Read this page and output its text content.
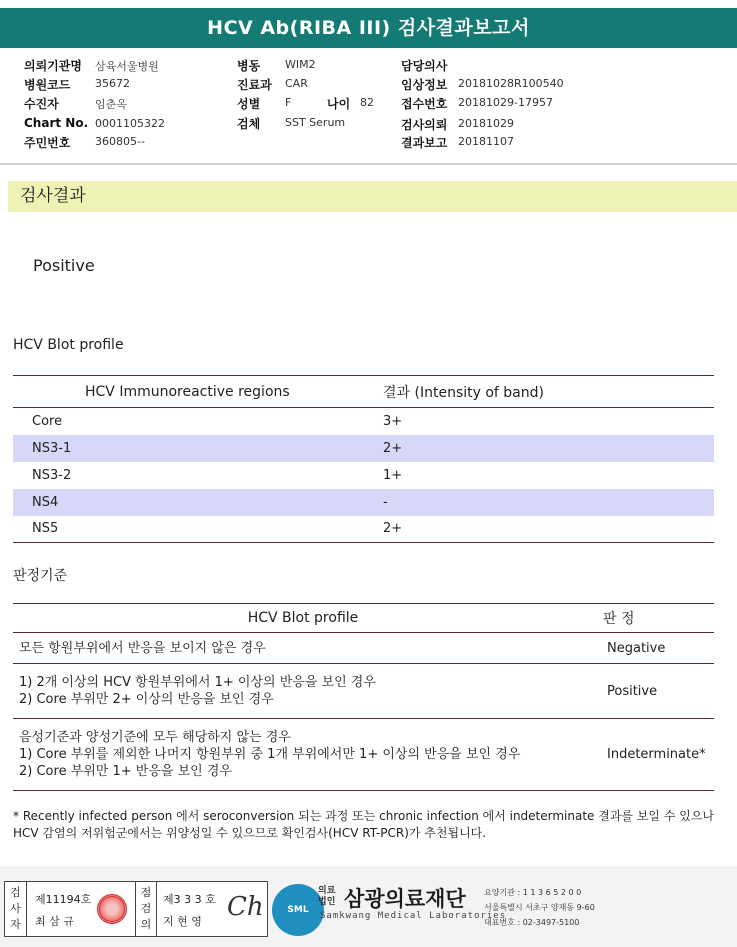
HCV Ab(RIBA III) 검사결과보고서
의뢰기관명 삼육서울병원
병원코드 35672
수진자	임춘옥
Chart No. 0001105322
주민번호 360805--
병동 WIM2
진료과 CAR
성별 F	나이 82
검체 SST Serum
담당의사
임상정보 20181028R100540
접수번호 20181029-17957
검사의뢰 20181029
결과보고 20181107
검사결과
Positive
HCV Blot profile
HCV Immunoreactive regions	결과 (Intensity of band)
Core	3+
NS3-1	2+
NS3-2	1+
NS4	-
NS5	2+
판정기준
HCV Blot profile	판 정

모든 항원부위에서 반응을 보이지 않은 경우	Negative

1) 2개 이상의 HCV 항원부위에서 1+ 이상의 반응을 보인 경우
2) Core 부위만 2+ 이상의 반응을 보인 경우	Positive

음성기준과 양성기준에 모두 해당하지 않는 경우
1) Core 부위를 제외한 나머지 항원부위 중 1개 부위에서만 1+ 이상의 반응을 보인 경우
2) Core 부위만 1+ 반응을 보인 경우	Indeterminate*
* Recently infected person 에서 seroconversion 되는 과정 또는 chronic infection 에서 indeterminate 결과를 보일 수 있으나 HCV 감염의 저위험군에서는 위양성일 수 있으므로 확인검사(HCV RT-PCR)가 추천됩니다.
검사자
제11194호
최 삼 규
점 검 의
제3 3 3 호
지 현 영 Ch	SML
의료 법인 삼광의료재단
Samkwang Medical Laboratories
요양기관 : 1 1 3 6 5 2 0 0
서울특별시 서초구 양재동 9-60
대표번호 : 02-3497-5100
